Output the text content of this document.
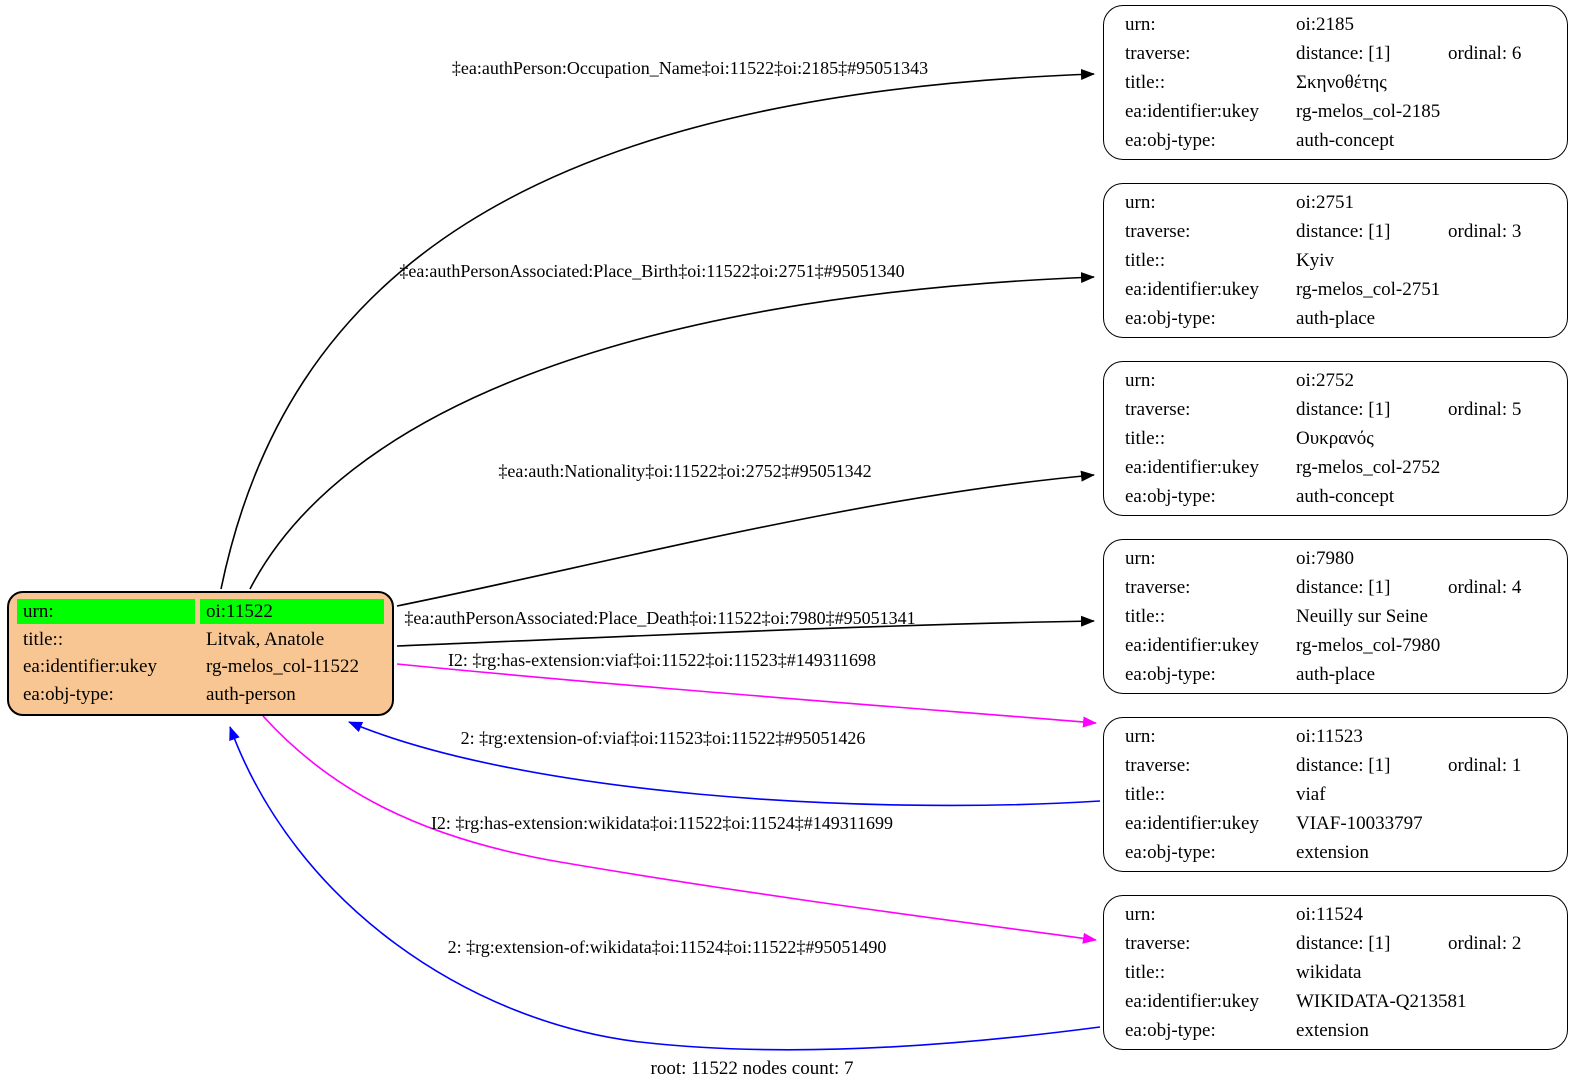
‡ea:authPerson:Occupation_Name‡oi:11522‡oi:2185‡#95051343
‡ea:authPersonAssociated:Place_Birth‡oi:11522‡oi:2751‡#95051340
‡ea:auth:Nationality‡oi:11522‡oi:2752‡#95051342
‡ea:authPersonAssociated:Place_Death‡oi:11522‡oi:7980‡#95051341
I2: ‡rg:has-extension:viaf‡oi:11522‡oi:11523‡#149311698
2: ‡rg:extension-of:viaf‡oi:11523‡oi:11522‡#95051426
I2: ‡rg:has-extension:wikidata‡oi:11522‡oi:11524‡#149311699
2: ‡rg:extension-of:wikidata‡oi:11524‡oi:11522‡#95051490
root: 11522 nodes count: 7
urn:	oi:11522
title::	Litvak, Anatole
ea:identifier:ukey	rg-melos_col-11522
ea:obj-type:	auth-person
urn:	oi:2185
traverse:	distance: [1]	ordinal: 6
title::	Σκηνοθέτης
ea:identifier:ukey	rg-melos_col-2185
ea:obj-type:	auth-concept
urn:	oi:2751
traverse:	distance: [1]	ordinal: 3
title::	Kyiv
ea:identifier:ukey	rg-melos_col-2751
ea:obj-type:	auth-place
urn:	oi:2752
traverse:	distance: [1]	ordinal: 5
title::	Ουκρανός
ea:identifier:ukey	rg-melos_col-2752
ea:obj-type:	auth-concept
urn:	oi:7980
traverse:	distance: [1]	ordinal: 4
title::	Neuilly sur Seine
ea:identifier:ukey	rg-melos_col-7980
ea:obj-type:	auth-place
urn:	oi:11523
traverse:	distance: [1]	ordinal: 1
title::	viaf
ea:identifier:ukey	VIAF-10033797
ea:obj-type:	extension
urn:	oi:11524
traverse:	distance: [1]	ordinal: 2
title::	wikidata
ea:identifier:ukey	WIKIDATA-Q213581
ea:obj-type:	extension
